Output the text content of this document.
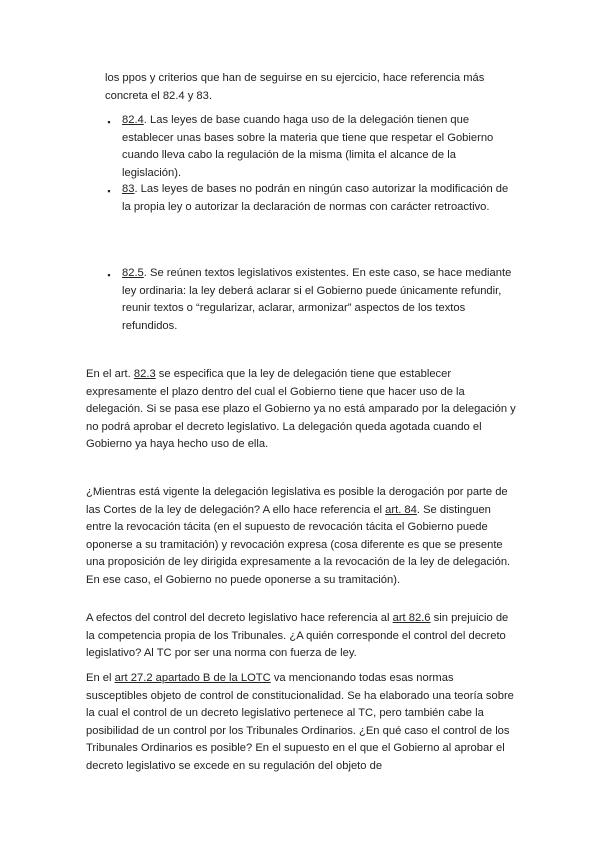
los ppos y criterios que han de seguirse en su ejercicio, hace referencia más
concreta el 82.4 y 83.

▪ 82.4. Las leyes de base cuando haga uso de la delegación tienen que establecer unas bases sobre la materia que tiene que respetar el Gobierno cuando lleva cabo la regulación de la misma (limita el alcance de la legislación).

▪ 83. Las leyes de bases no podrán en ningún caso autorizar la modificación de la propia ley o autorizar la declaración de normas con carácter retroactivo.

▪ 82.5. Se reúnen textos legislativos existentes. En este caso, se hace mediante ley ordinaria: la ley deberá aclarar si el Gobierno puede únicamente refundir, reunir textos o “regularizar, aclarar, armonizar” aspectos de los textos refundidos.

En el art. 82.3 se especifica que la ley de delegación tiene que establecer expresamente el plazo dentro del cual el Gobierno tiene que hacer uso de la delegación. Si se pasa ese plazo el Gobierno ya no está amparado por la delegación y no podrá aprobar el decreto legislativo. La delegación queda agotada cuando el Gobierno ya haya hecho uso de ella.

¿Mientras está vigente la delegación legislativa es posible la derogación por parte de las Cortes de la ley de delegación? A ello hace referencia el art. 84. Se distinguen entre la revocación tácita (en el supuesto de revocación tácita el Gobierno puede oponerse a su tramitación) y revocación expresa (cosa diferente es que se presente una proposición de ley dirigida expresamente a la revocación de la ley de delegación. En ese caso, el Gobierno no puede oponerse a su tramitación).

A efectos del control del decreto legislativo hace referencia al art 82.6 sin prejuicio de la competencia propia de los Tribunales. ¿A quién corresponde el control del decreto legislativo? Al TC por ser una norma con fuerza de ley.

En el art 27.2 apartado B de la LOTC va mencionando todas esas normas susceptibles objeto de control de constitucionalidad. Se ha elaborado una teoría sobre la cual el control de un decreto legislativo pertenece al TC, pero también cabe la posibilidad de un control por los Tribunales Ordinarios. ¿En qué caso el control de los Tribunales Ordinarios es posible? En el supuesto en el que el Gobierno al aprobar el decreto legislativo se excede en su regulación del objeto de
